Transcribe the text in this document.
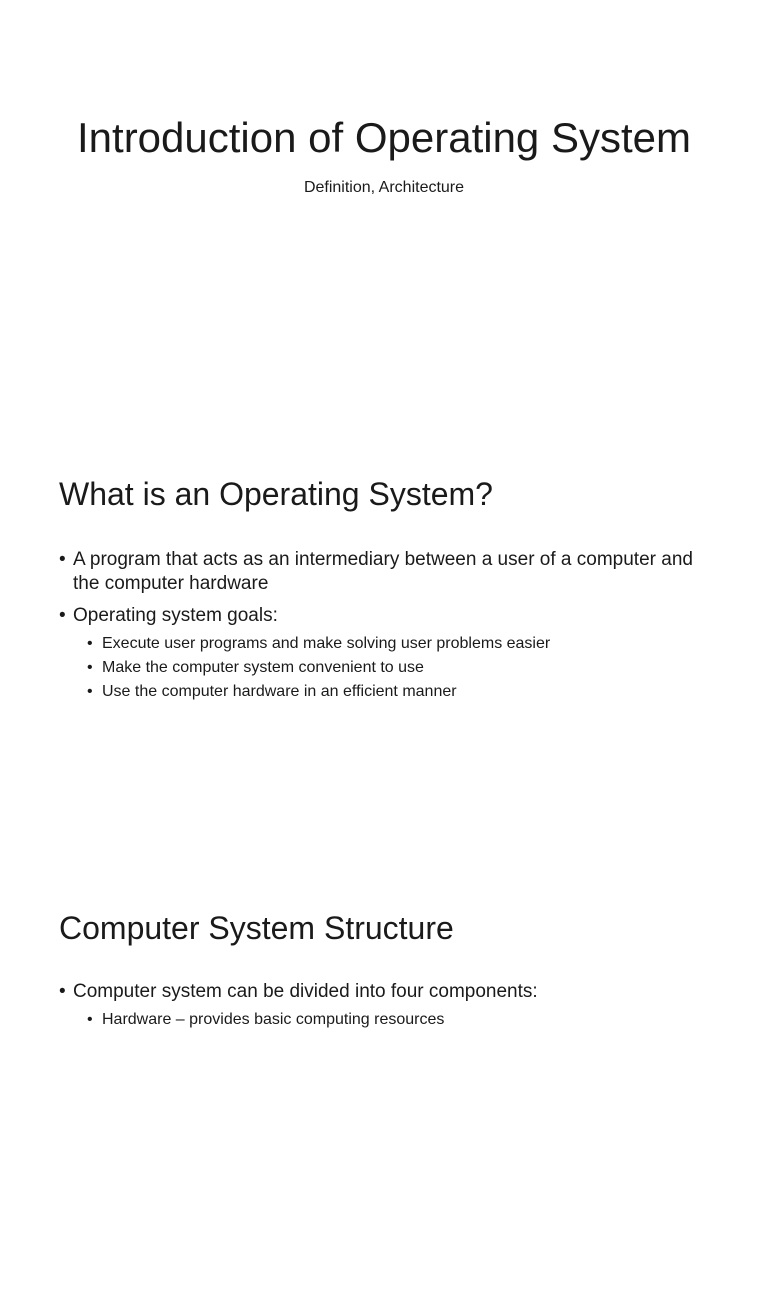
Introduction of Operating System
Definition, Architecture
What is an Operating System?
• A program that acts as an intermediary between a user of a computer and the computer hardware
• Operating system goals:
• Execute user programs and make solving user problems easier
• Make the computer system convenient to use
• Use the computer hardware in an efficient manner
Computer System Structure
• Computer system can be divided into four components:
• Hardware – provides basic computing resources
